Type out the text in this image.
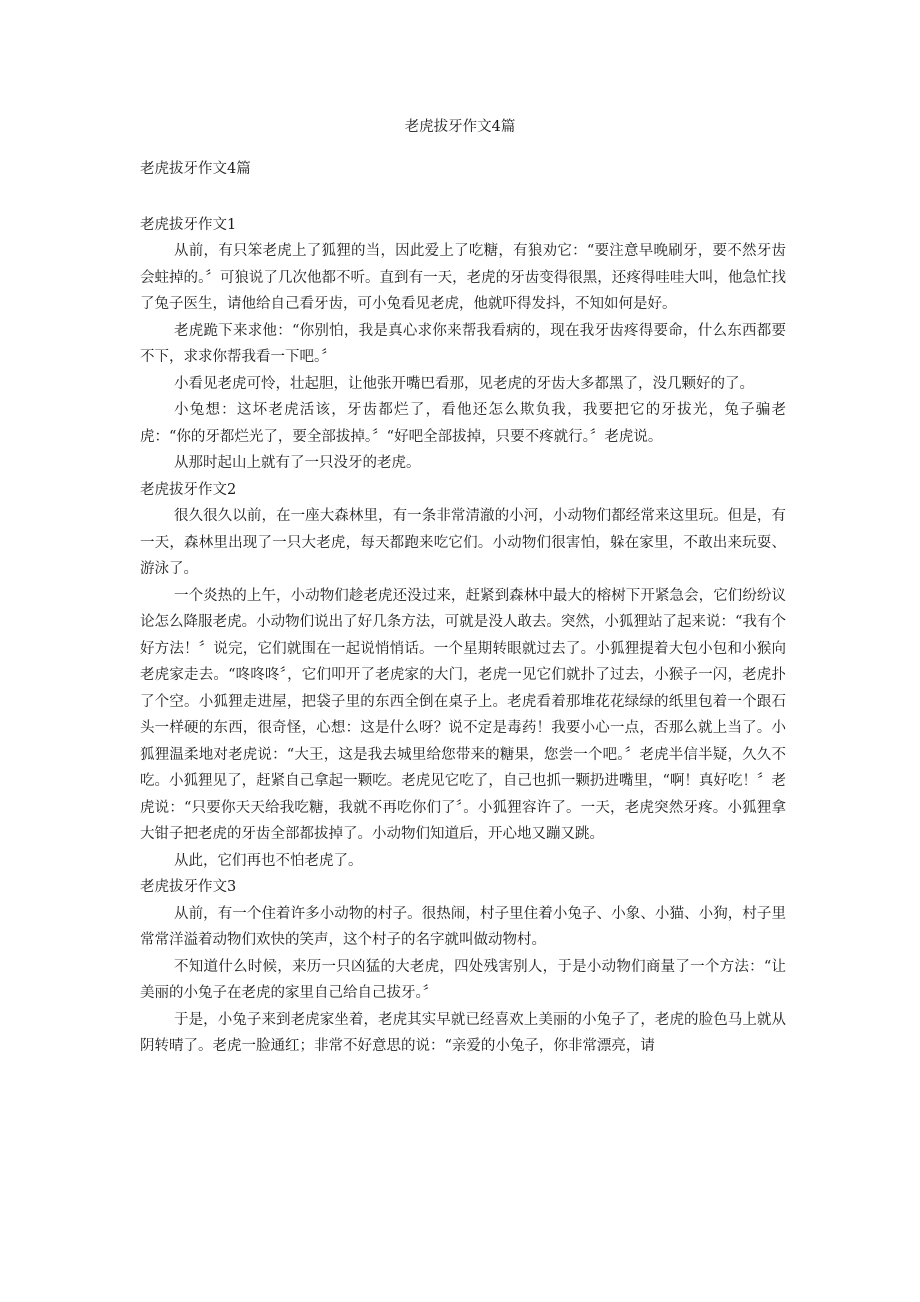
老虎拔牙作文4篇

老虎拔牙作文4篇

老虎拔牙作文1

从前，有只笨老虎上了狐狸的当，因此爱上了吃糖，有狼劝它：“要注意早晚刷牙，要不然牙齿会蛀掉的。〞可狼说了几次他都不听。直到有一天，老虎的牙齿变得很黑，还疼得哇哇大叫，他急忙找了兔子医生，请他给自己看牙齿，可小兔看见老虎，他就吓得发抖，不知如何是好。

老虎跪下来求他：“你别怕，我是真心求你来帮我看病的，现在我牙齿疼得要命，什么东西都要不下，求求你帮我看一下吧。〞

小看见老虎可怜，壮起胆，让他张开嘴巴看那，见老虎的牙齿大多都黑了，没几颗好的了。

小兔想：这坏老虎活该，牙齿都烂了，看他还怎么欺负我，我要把它的牙拔光，兔子骗老虎：“你的牙都烂光了，要全部拔掉。〞“好吧全部拔掉，只要不疼就行。〞老虎说。

从那时起山上就有了一只没牙的老虎。

老虎拔牙作文2

很久很久以前，在一座大森林里，有一条非常清澈的小河，小动物们都经常来这里玩。但是，有一天，森林里出现了一只大老虎，每天都跑来吃它们。小动物们很害怕，躲在家里，不敢出来玩耍、游泳了。

一个炎热的上午，小动物们趁老虎还没过来，赶紧到森林中最大的榕树下开紧急会，它们纷纷议论怎么降服老虎。小动物们说出了好几条方法，可就是没人敢去。突然，小狐狸站了起来说：“我有个好方法！〞说完，它们就围在一起说悄悄话。一个星期转眼就过去了。小狐狸提着大包小包和小猴向老虎家走去。“咚咚咚〞，它们叩开了老虎家的大门，老虎一见它们就扑了过去，小猴子一闪，老虎扑了个空。小狐狸走进屋，把袋子里的东西全倒在桌子上。老虎看着那堆花花绿绿的纸里包着一个跟石头一样硬的东西，很奇怪，心想：这是什么呀？说不定是毒药！我要小心一点，否那么就上当了。小狐狸温柔地对老虎说：“大王，这是我去城里给您带来的糖果，您尝一个吧。〞老虎半信半疑，久久不吃。小狐狸见了，赶紧自己拿起一颗吃。老虎见它吃了，自己也抓一颗扔进嘴里，“啊！真好吃！〞老虎说：“只要你天天给我吃糖，我就不再吃你们了〞。小狐狸容许了。一天，老虎突然牙疼。小狐狸拿大钳子把老虎的牙齿全部都拔掉了。小动物们知道后，开心地又蹦又跳。

从此，它们再也不怕老虎了。

老虎拔牙作文3

从前，有一个住着许多小动物的村子。很热闹，村子里住着小兔子、小象、小猫、小狗，村子里常常洋溢着动物们欢快的笑声，这个村子的名字就叫做动物村。

不知道什么时候，来历一只凶猛的大老虎，四处残害别人，于是小动物们商量了一个方法：“让美丽的小兔子在老虎的家里自己给自己拔牙。〞

于是，小兔子来到老虎家坐着，老虎其实早就已经喜欢上美丽的小兔子了，老虎的脸色马上就从阴转晴了。老虎一脸通红；非常不好意思的说：“亲爱的小兔子，你非常漂亮，请
